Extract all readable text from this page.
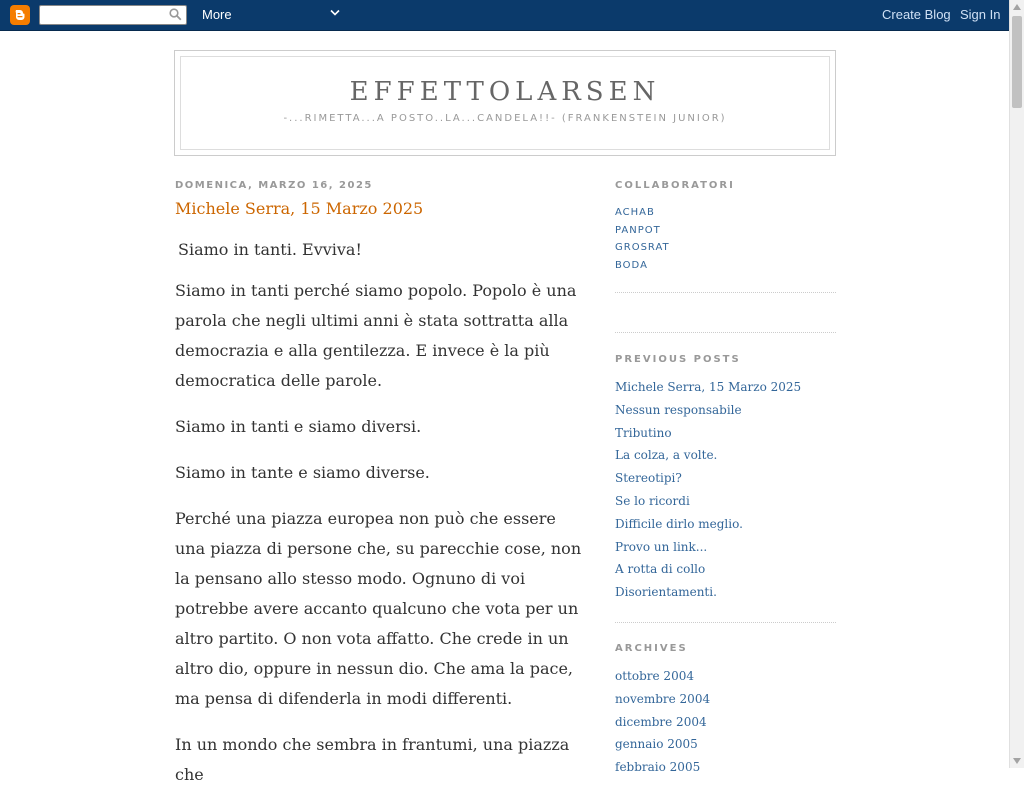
More	Create Blog Sign In
EFFETTOLARSEN
-...RIMETTA...A POSTO..LA...CANDELA!!- (FRANKENSTEIN JUNIOR)
DOMENICA, MARZO 16, 2025
Michele Serra, 15 Marzo 2025

Siamo in tanti. Evviva!

Siamo in tanti perché siamo popolo. Popolo è una parola che negli ultimi anni è stata sottratta alla democrazia e alla gentilezza. E invece è la più democratica delle parole.

Siamo in tanti e siamo diversi.

Siamo in tante e siamo diverse.

Perché una piazza europea non può che essere una piazza di persone che, su parecchie cose, non la pensano allo stesso modo. Ognuno di voi potrebbe avere accanto qualcuno che vota per un altro partito. O non vota affatto. Che crede in un altro dio, oppure in nessun dio. Che ama la pace, ma pensa di difenderla in modi differenti.

In un mondo che sembra in frantumi, una piazza che

COLLABORATORI
ACHAB
PANPOT
GROSRAT
BODA
PREVIOUS POSTS
Michele Serra, 15 Marzo 2025
Nessun responsabile
Tributino
La colza, a volte.
Stereotipi?
Se lo ricordi
Difficile dirlo meglio.
Provo un link...
A rotta di collo
Disorientamenti.
ARCHIVES
ottobre 2004
novembre 2004
dicembre 2004
gennaio 2005
febbraio 2005
